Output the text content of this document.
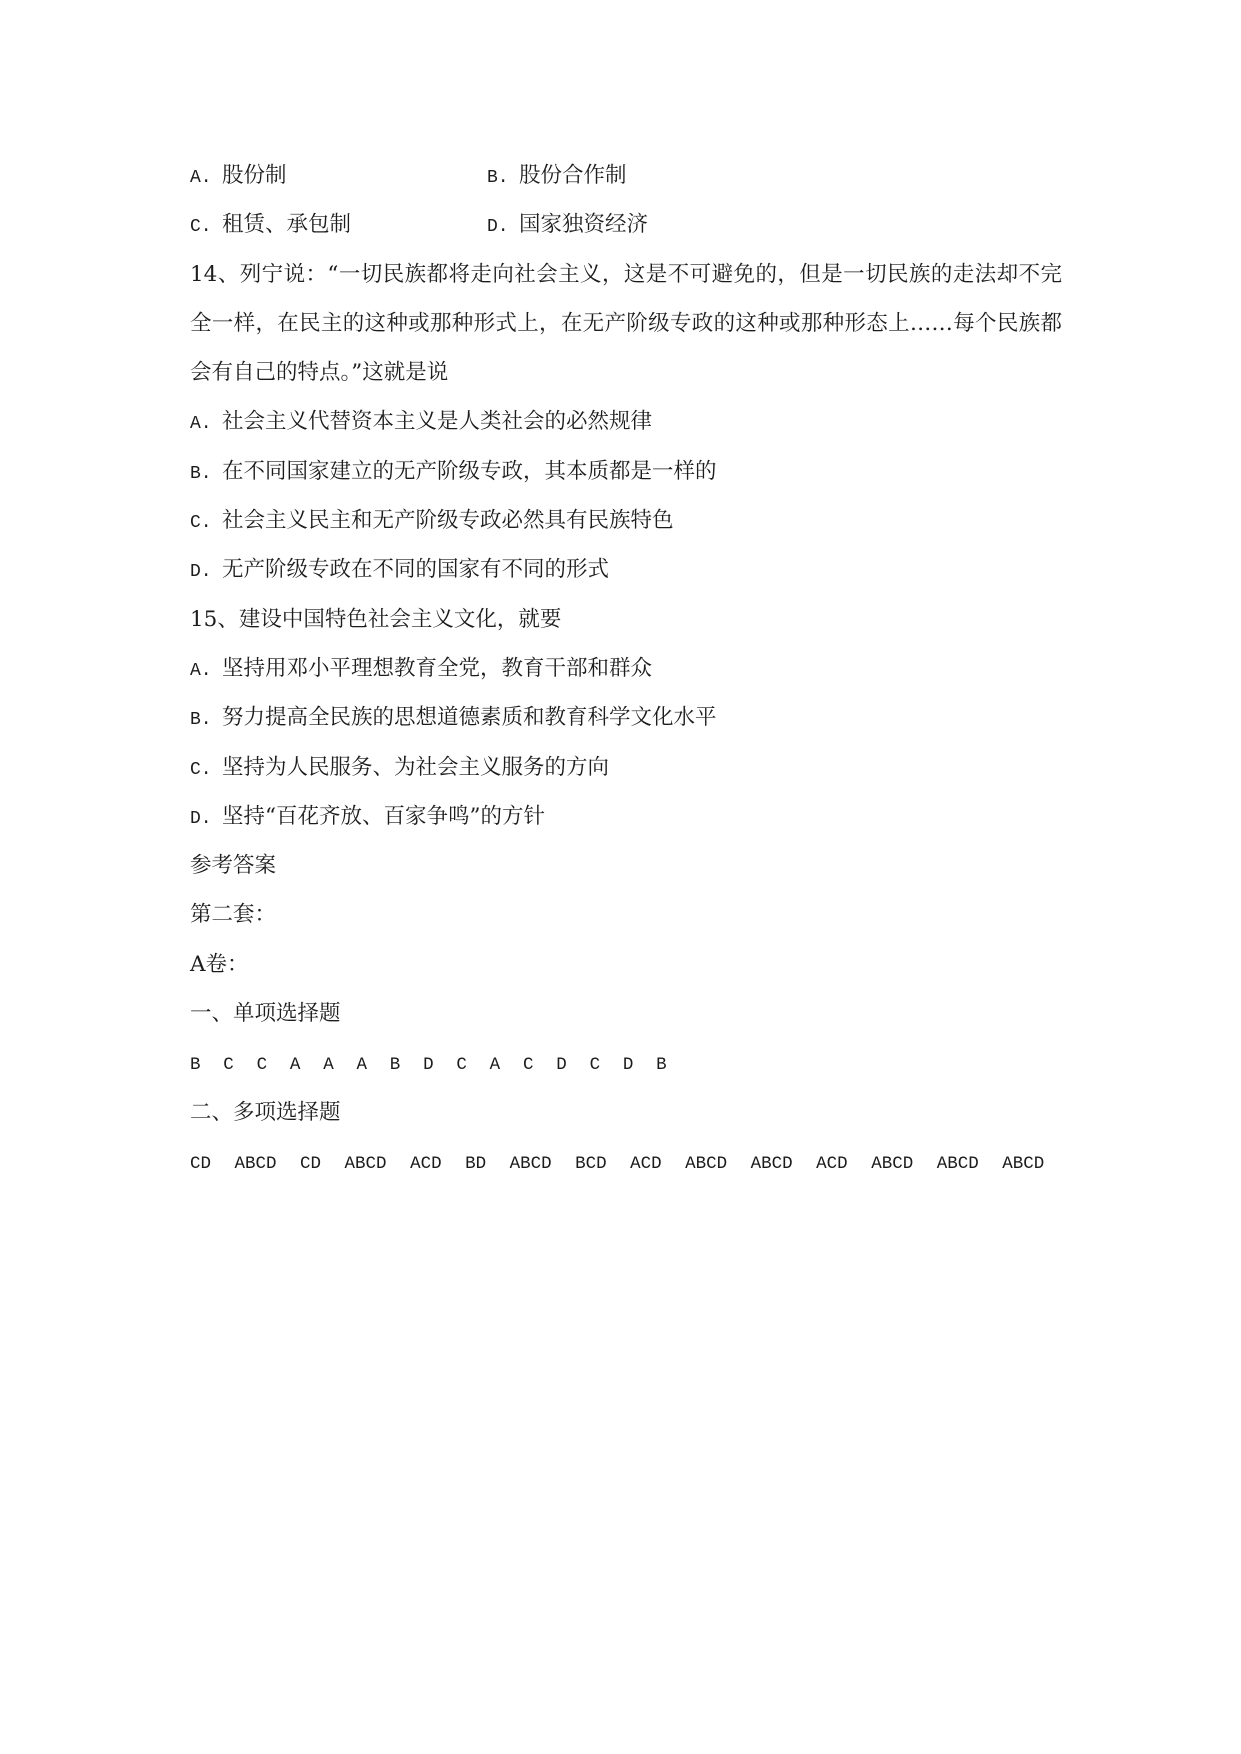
A. 股份制	B. 股份合作制
C. 租赁、承包制	D. 国家独资经济
14、列宁说：“一切民族都将走向社会主义，这是不可避免的，但是一切民族的走法却不完
全一样，在民主的这种或那种形式上，在无产阶级专政的这种或那种形态上……每个民族都
会有自己的特点。”这就是说
A. 社会主义代替资本主义是人类社会的必然规律
B. 在不同国家建立的无产阶级专政，其本质都是一样的
C. 社会主义民主和无产阶级专政必然具有民族特色
D. 无产阶级专政在不同的国家有不同的形式
15、建设中国特色社会主义文化，就要
A. 坚持用邓小平理想教育全党，教育干部和群众
B. 努力提高全民族的思想道德素质和教育科学文化水平
C. 坚持为人民服务、为社会主义服务的方向
D. 坚持“百花齐放、百家争鸣”的方针
参考答案
第二套：
A卷：
一、单项选择题
B C C A A A B D C A C D C D B
二、多项选择题
CD ABCD CD ABCD ACD BD ABCD BCD ACD ABCD ABCD ACD ABCD ABCD ABCD
